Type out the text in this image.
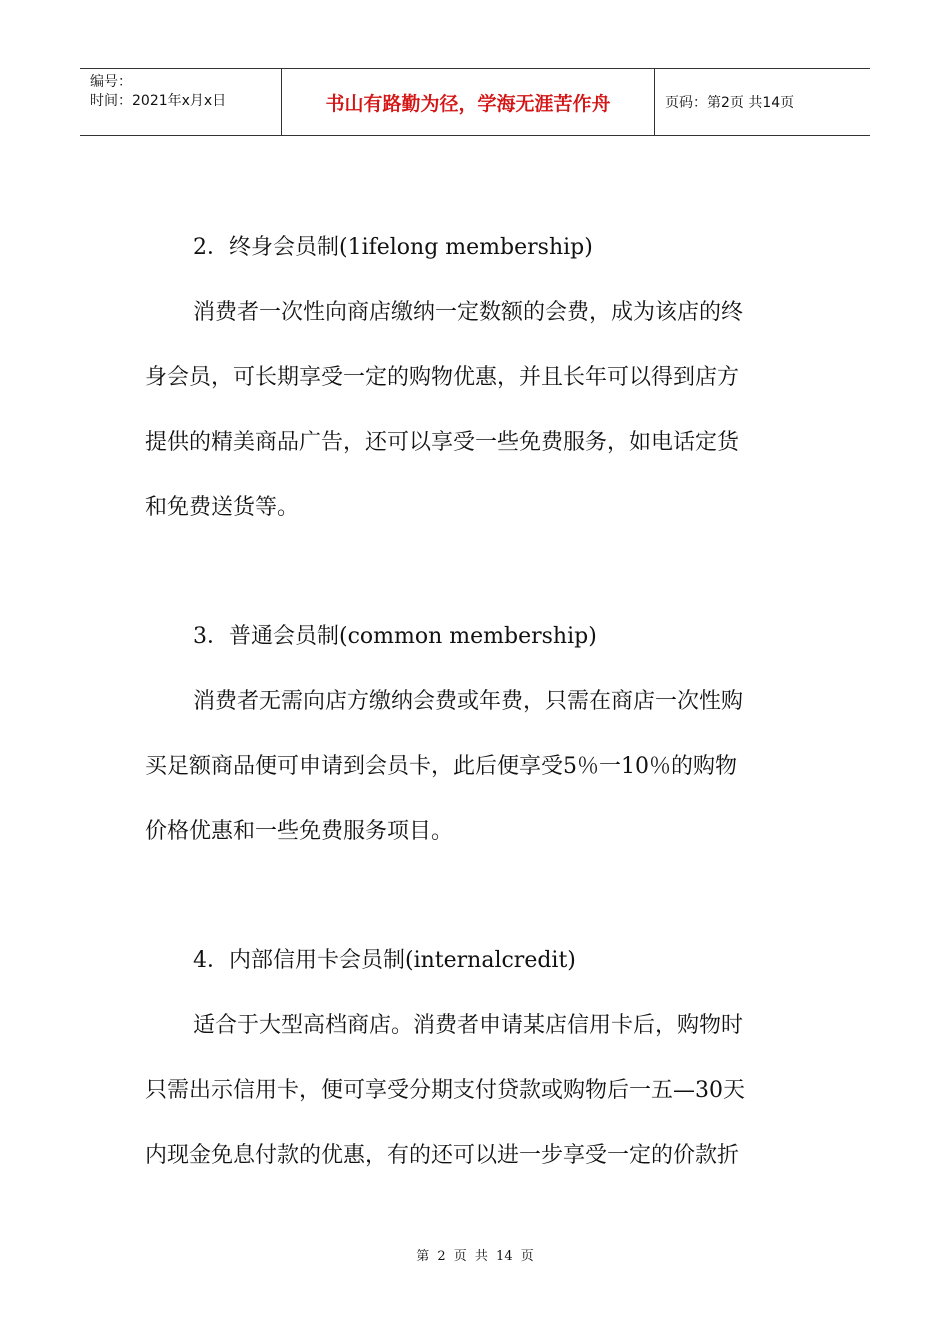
编号：
时间：2021年x月x日	书山有路勤为径，学海无涯苦作舟	页码：第2页 共14页
2．终身会员制(1ifelong membership)
消费者一次性向商店缴纳一定数额的会费，成为该店的终
身会员，可长期享受一定的购物优惠，并且长年可以得到店方
提供的精美商品广告，还可以享受一些免费服务，如电话定货
和免费送货等。
3．普通会员制(common membership)
消费者无需向店方缴纳会费或年费，只需在商店一次性购
买足额商品便可申请到会员卡，此后便享受5％一10％的购物
价格优惠和一些免费服务项目。
4．内部信用卡会员制(internalcredit)
适合于大型高档商店。消费者申请某店信用卡后，购物时
只需出示信用卡，便可享受分期支付贷款或购物后一五—30天
内现金免息付款的优惠，有的还可以进一步享受一定的价款折
第 2 页 共 14 页
